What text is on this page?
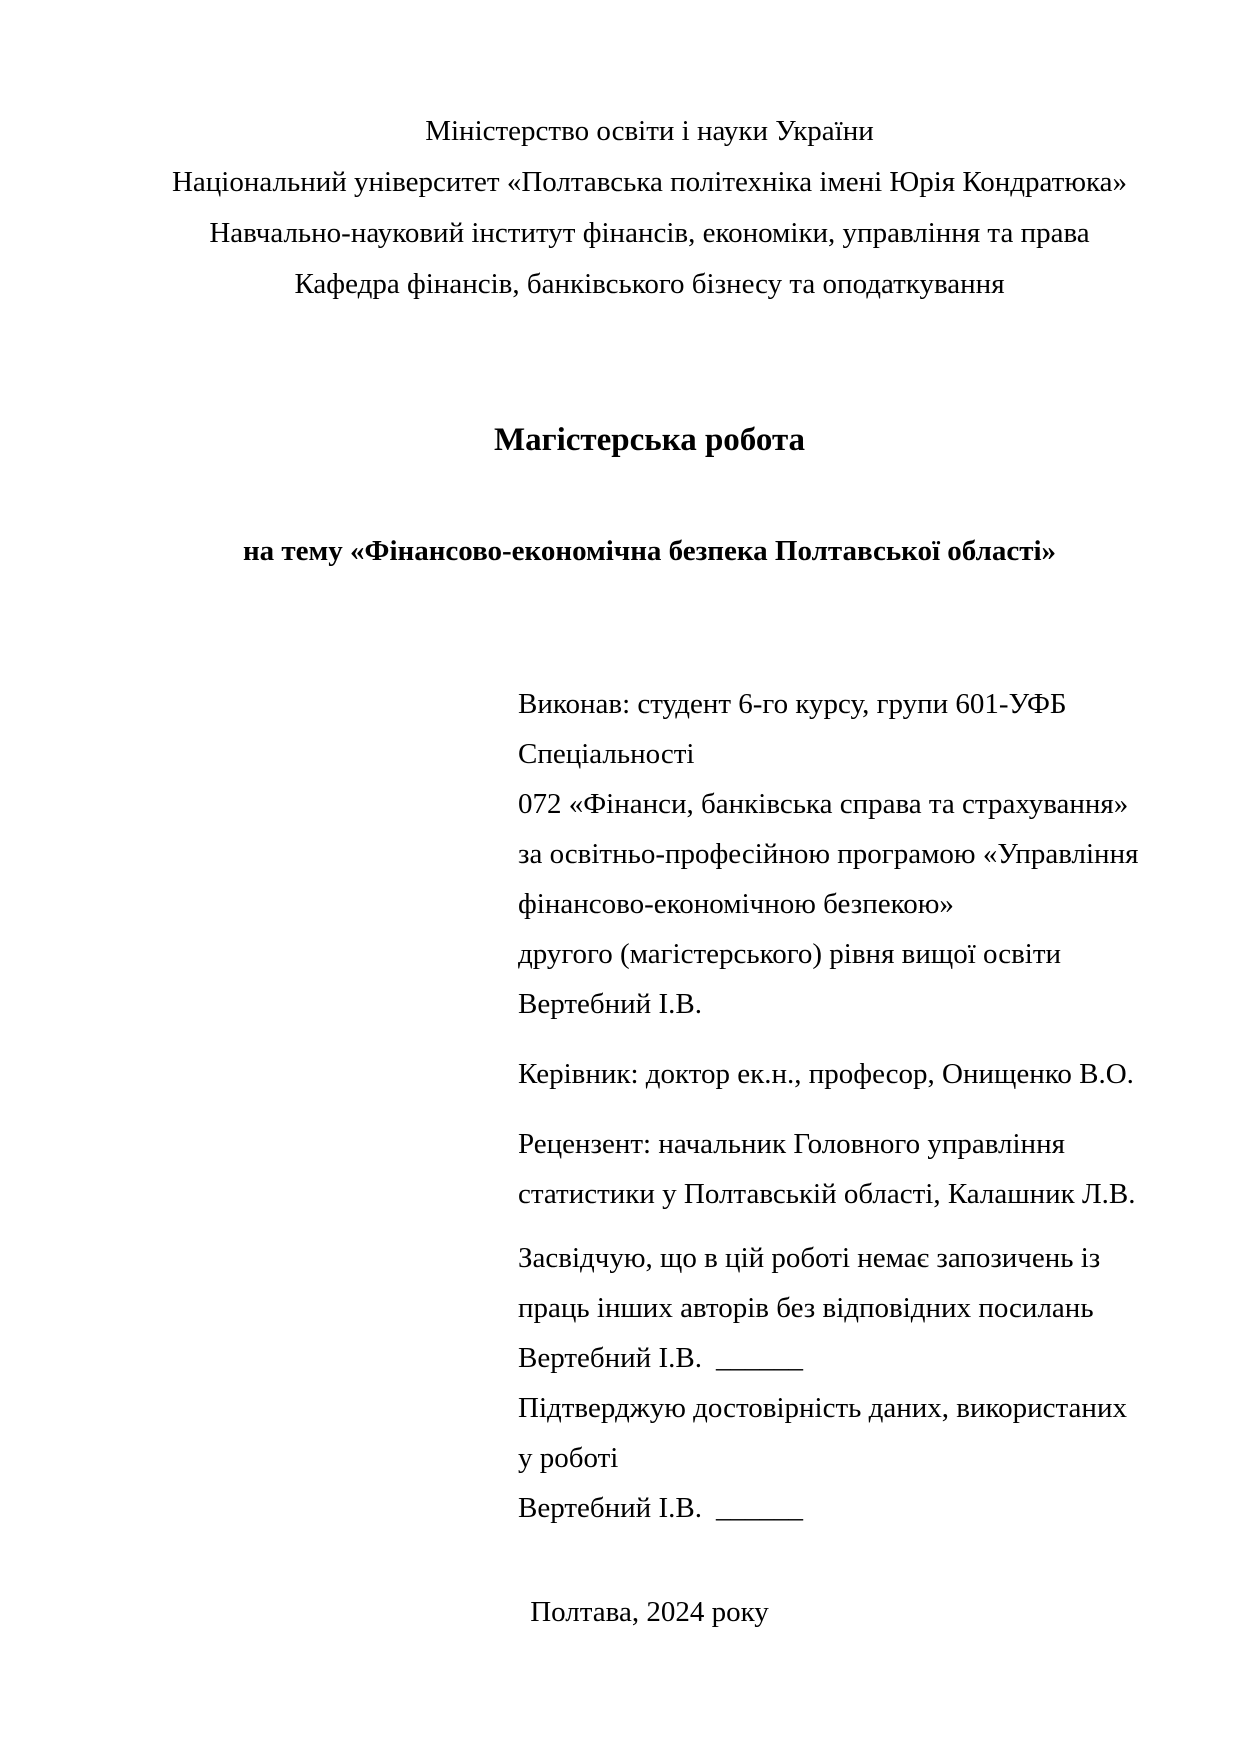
Міністерство освіти і науки України
Національний університет «Полтавська політехніка імені Юрія Кондратюка»
Навчально-науковий інститут фінансів, економіки, управління та права
Кафедра фінансів, банківського бізнесу та оподаткування
Магістерська робота
на тему «Фінансово-економічна безпека Полтавської області»
Виконав: студент 6-го курсу, групи 601-УФБ
Спеціальності
072 «Фінанси, банківська справа та страхування»
за освітньо-професійною програмою «Управління
фінансово-економічною безпекою»
другого (магістерського) рівня вищої освіти
Вертебний І.В.
Керівник: доктор ек.н., професор, Онищенко В.О.
Рецензент: начальник Головного управління
статистики у Полтавській області, Калашник Л.В.
Засвідчую, що в цій роботі немає запозичень із
праць інших авторів без відповідних посилань
Вертебний І.В. ______
Підтверджую достовірність даних, використаних
у роботі
Вертебний І.В. ______
Полтава, 2024 року
